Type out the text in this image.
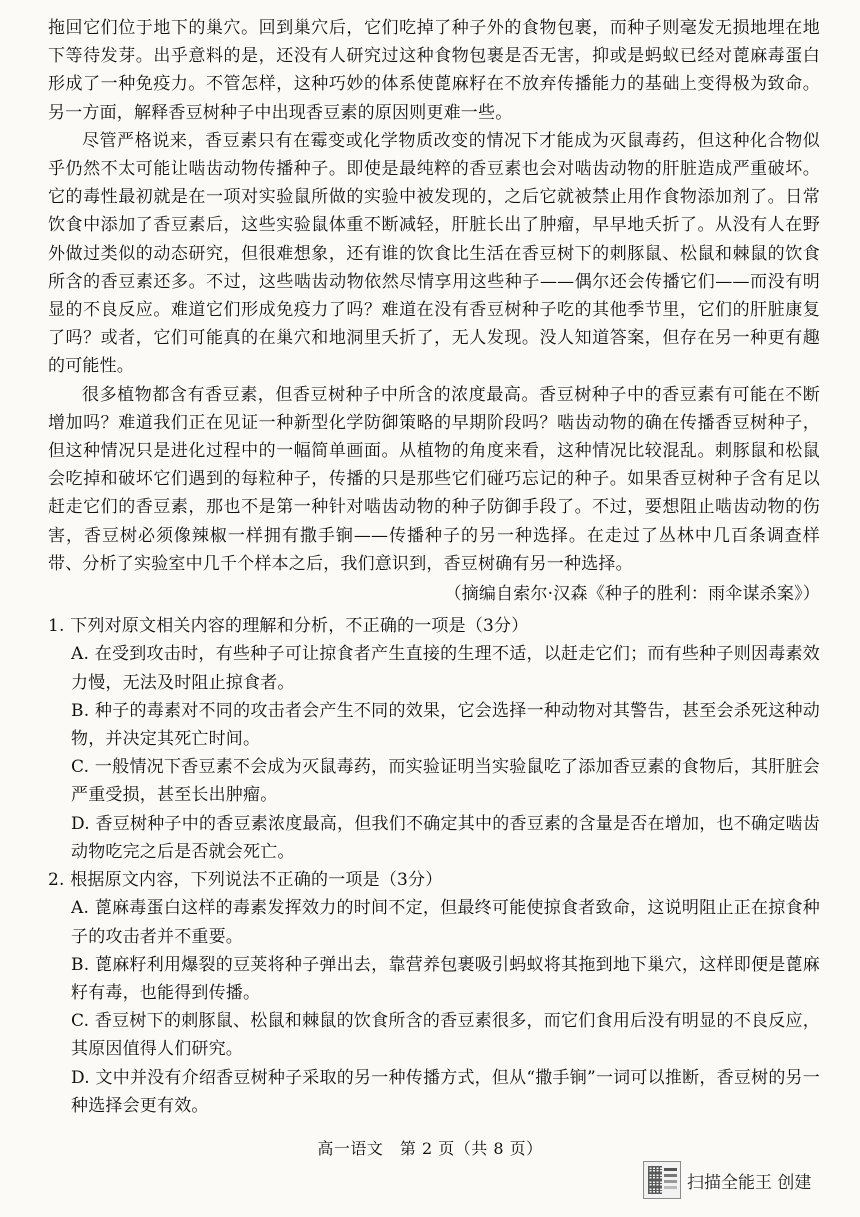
拖回它们位于地下的巢穴。回到巢穴后，它们吃掉了种子外的食物包裹，而种子则毫发无损地埋在地下等待发芽。出乎意料的是，还没有人研究过这种食物包裹是否无害，抑或是蚂蚁已经对蓖麻毒蛋白形成了一种免疫力。不管怎样，这种巧妙的体系使蓖麻籽在不放弃传播能力的基础上变得极为致命。另一方面，解释香豆树种子中出现香豆素的原因则更难一些。

尽管严格说来，香豆素只有在霉变或化学物质改变的情况下才能成为灭鼠毒药，但这种化合物似乎仍然不太可能让啮齿动物传播种子。即使是最纯粹的香豆素也会对啮齿动物的肝脏造成严重破坏。它的毒性最初就是在一项对实验鼠所做的实验中被发现的，之后它就被禁止用作食物添加剂了。日常饮食中添加了香豆素后，这些实验鼠体重不断减轻，肝脏长出了肿瘤，早早地夭折了。从没有人在野外做过类似的动态研究，但很难想象，还有谁的饮食比生活在香豆树下的刺豚鼠、松鼠和棘鼠的饮食所含的香豆素还多。不过，这些啮齿动物依然尽情享用这些种子——偶尔还会传播它们——而没有明显的不良反应。难道它们形成免疫力了吗？难道在没有香豆树种子吃的其他季节里，它们的肝脏康复了吗？或者，它们可能真的在巢穴和地洞里夭折了，无人发现。没人知道答案，但存在另一种更有趣的可能性。

很多植物都含有香豆素，但香豆树种子中所含的浓度最高。香豆树种子中的香豆素有可能在不断增加吗？难道我们正在见证一种新型化学防御策略的早期阶段吗？啮齿动物的确在传播香豆树种子，但这种情况只是进化过程中的一幅简单画面。从植物的角度来看，这种情况比较混乱。刺豚鼠和松鼠会吃掉和破坏它们遇到的每粒种子，传播的只是那些它们碰巧忘记的种子。如果香豆树种子含有足以赶走它们的香豆素，那也不是第一种针对啮齿动物的种子防御手段了。不过，要想阻止啮齿动物的伤害，香豆树必须像辣椒一样拥有撒手锏——传播种子的另一种选择。在走过了丛林中几百条调查样带、分析了实验室中几千个样本之后，我们意识到，香豆树确有另一种选择。

（摘编自索尔·汉森《种子的胜利：雨伞谋杀案》）

1. 下列对原文相关内容的理解和分析，不正确的一项是（3分）

A. 在受到攻击时，有些种子可让掠食者产生直接的生理不适，以赶走它们；而有些种子则因毒素效力慢，无法及时阻止掠食者。

B. 种子的毒素对不同的攻击者会产生不同的效果，它会选择一种动物对其警告，甚至会杀死这种动物，并决定其死亡时间。

C. 一般情况下香豆素不会成为灭鼠毒药，而实验证明当实验鼠吃了添加香豆素的食物后，其肝脏会严重受损，甚至长出肿瘤。

D. 香豆树种子中的香豆素浓度最高，但我们不确定其中的香豆素的含量是否在增加，也不确定啮齿动物吃完之后是否就会死亡。

2. 根据原文内容，下列说法不正确的一项是（3分）

A. 蓖麻毒蛋白这样的毒素发挥效力的时间不定，但最终可能使掠食者致命，这说明阻止正在掠食种子的攻击者并不重要。

B. 蓖麻籽利用爆裂的豆荚将种子弹出去，靠营养包裹吸引蚂蚁将其拖到地下巢穴，这样即便是蓖麻籽有毒，也能得到传播。

C. 香豆树下的刺豚鼠、松鼠和棘鼠的饮食所含的香豆素很多，而它们食用后没有明显的不良反应，其原因值得人们研究。

D. 文中并没有介绍香豆树种子采取的另一种传播方式，但从“撒手锏”一词可以推断，香豆树的另一种选择会更有效。

高一语文　第 2 页（共 8 页）
扫描全能王 创建
